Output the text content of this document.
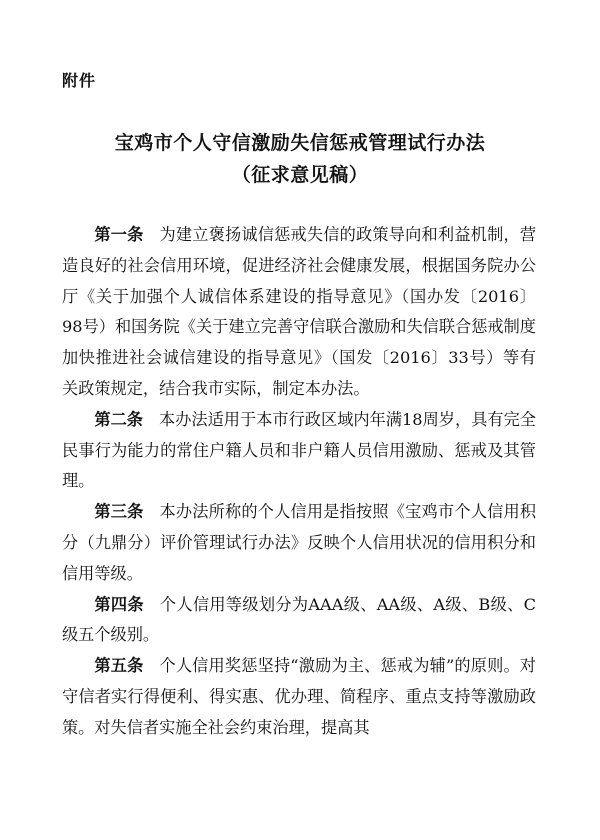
附件
宝鸡市个人守信激励失信惩戒管理试行办法
（征求意见稿）

第一条 为建立褒扬诚信惩戒失信的政策导向和利益机制，营造良好的社会信用环境，促进经济社会健康发展，根据国务院办公厅《关于加强个人诚信体系建设的指导意见》（国办发〔2016〕98号）和国务院《关于建立完善守信联合激励和失信联合惩戒制度加快推进社会诚信建设的指导意见》（国发〔2016〕33号）等有关政策规定，结合我市实际，制定本办法。

第二条 本办法适用于本市行政区域内年满18周岁，具有完全民事行为能力的常住户籍人员和非户籍人员信用激励、惩戒及其管理。

第三条 本办法所称的个人信用是指按照《宝鸡市个人信用积分（九鼎分）评价管理试行办法》反映个人信用状况的信用积分和信用等级。

第四条 个人信用等级划分为AAA级、AA级、A级、B级、C级五个级别。

第五条 个人信用奖惩坚持“激励为主、惩戒为辅”的原则。对守信者实行得便利、得实惠、优办理、简程序、重点支持等激励政策。对失信者实施全社会约束治理，提高其
